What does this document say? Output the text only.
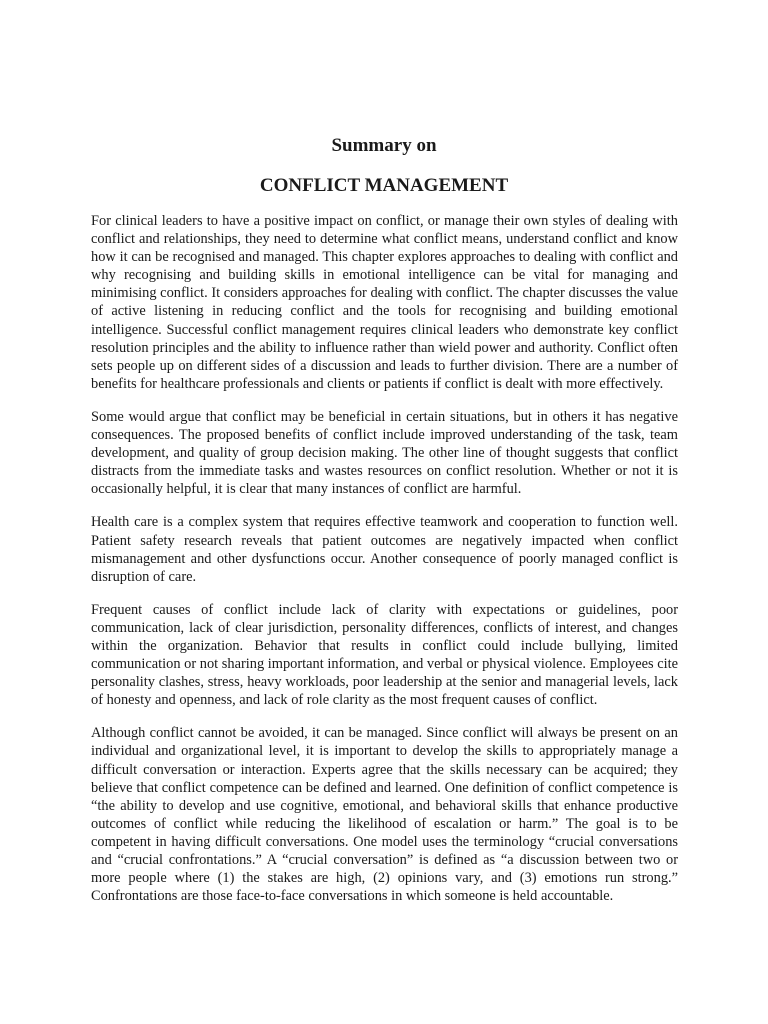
Summary on
CONFLICT MANAGEMENT

For clinical leaders to have a positive impact on conflict, or manage their own styles of dealing with conflict and relationships, they need to determine what conflict means, understand conflict and know how it can be recognised and managed. This chapter explores approaches to dealing with conflict and why recognising and building skills in emotional intelligence can be vital for managing and minimising conflict. It considers approaches for dealing with conflict. The chapter discusses the value of active listening in reducing conflict and the tools for recognising and building emotional intelligence. Successful conflict management requires clinical leaders who demonstrate key conflict resolution principles and the ability to influence rather than wield power and authority. Conflict often sets people up on different sides of a discussion and leads to further division. There are a number of benefits for healthcare professionals and clients or patients if conflict is dealt with more effectively.

Some would argue that conflict may be beneficial in certain situations, but in others it has negative consequences. The proposed benefits of conflict include improved understanding of the task, team development, and quality of group decision making. The other line of thought suggests that conflict distracts from the immediate tasks and wastes resources on conflict resolution. Whether or not it is occasionally helpful, it is clear that many instances of conflict are harmful.

Health care is a complex system that requires effective teamwork and cooperation to function well. Patient safety research reveals that patient outcomes are negatively impacted when conflict mismanagement and other dysfunctions occur. Another consequence of poorly managed conflict is disruption of care.

Frequent causes of conflict include lack of clarity with expectations or guidelines, poor communication, lack of clear jurisdiction, personality differences, conflicts of interest, and changes within the organization. Behavior that results in conflict could include bullying, limited communication or not sharing important information, and verbal or physical violence. Employees cite personality clashes, stress, heavy workloads, poor leadership at the senior and managerial levels, lack of honesty and openness, and lack of role clarity as the most frequent causes of conflict.

Although conflict cannot be avoided, it can be managed. Since conflict will always be present on an individual and organizational level, it is important to develop the skills to appropriately manage a difficult conversation or interaction. Experts agree that the skills necessary can be acquired; they believe that conflict competence can be defined and learned. One definition of conflict competence is “the ability to develop and use cognitive, emotional, and behavioral skills that enhance productive outcomes of conflict while reducing the likelihood of escalation or harm.” The goal is to be competent in having difficult conversations. One model uses the terminology “crucial conversations and “crucial confrontations.” A “crucial conversation” is defined as “a discussion between two or more people where (1) the stakes are high, (2) opinions vary, and (3) emotions run strong.” Confrontations are those face-to-face conversations in which someone is held accountable.
